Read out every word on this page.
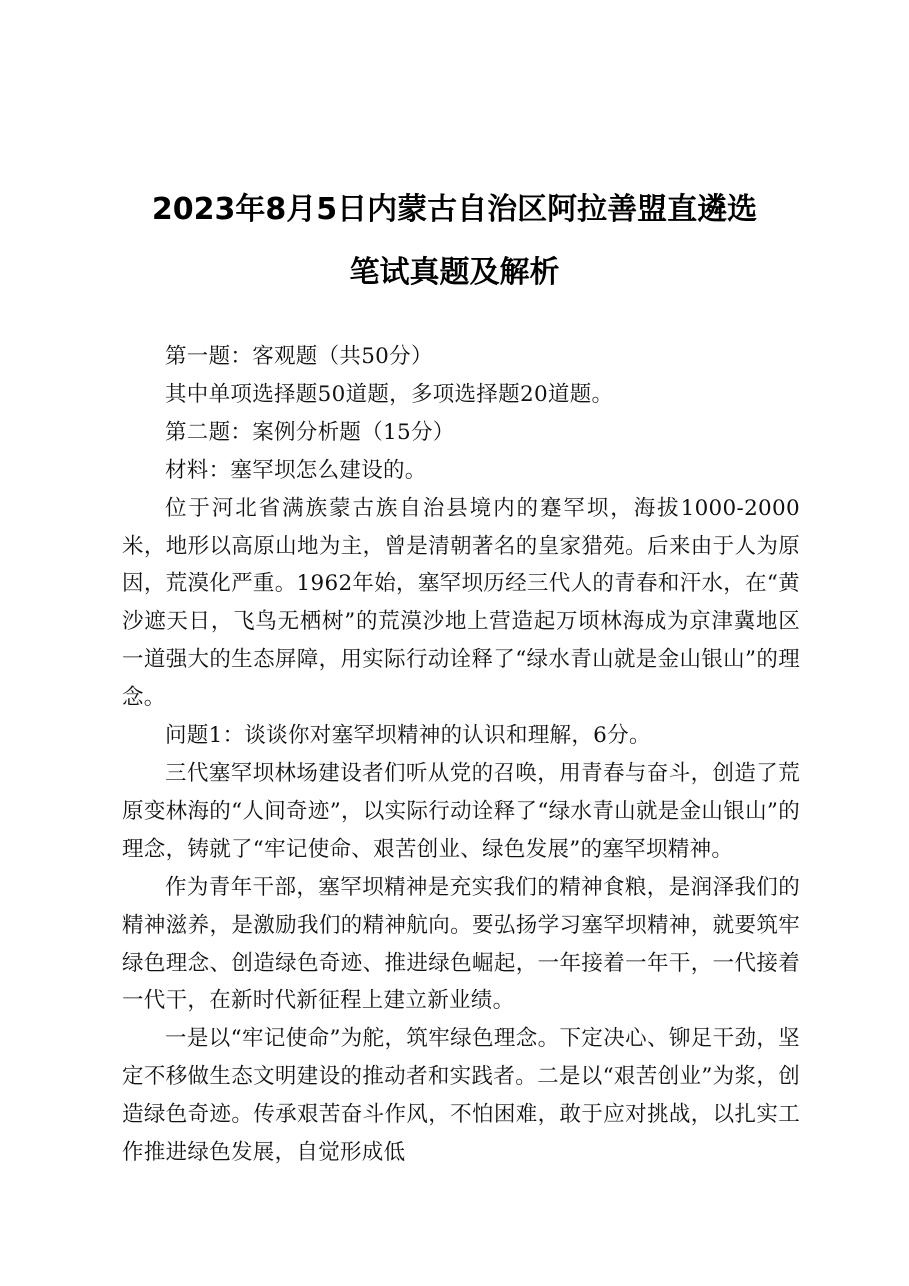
2023年8月5日内蒙古自治区阿拉善盟直遴选
笔试真题及解析

第一题：客观题（共50分）

其中单项选择题50道题，多项选择题20道题。

第二题：案例分析题（15分）

材料：塞罕坝怎么建设的。

位于河北省满族蒙古族自治县境内的蹇罕坝，海拔1000-2000米，地形以高原山地为主，曾是清朝著名的皇家猎苑。后来由于人为原因，荒漠化严重。1962年始，塞罕坝历经三代人的青春和汗水，在“黄沙遮天日，飞鸟无栖树”的荒漠沙地上营造起万顷林海成为京津冀地区一道强大的生态屏障，用实际行动诠释了“绿水青山就是金山银山”的理念。

问题1：谈谈你对塞罕坝精神的认识和理解，6分。

三代塞罕坝林场建设者们听从党的召唤，用青春与奋斗，创造了荒原变林海的“人间奇迹”，以实际行动诠释了“绿水青山就是金山银山”的理念，铸就了“牢记使命、艰苦创业、绿色发展”的塞罕坝精神。

作为青年干部，塞罕坝精神是充实我们的精神食粮，是润泽我们的精神滋养，是激励我们的精神航向。要弘扬学习塞罕坝精神，就要筑牢绿色理念、创造绿色奇迹、推进绿色崛起，一年接着一年干，一代接着一代干，在新时代新征程上建立新业绩。

一是以“牢记使命”为舵，筑牢绿色理念。下定决心、铆足干劲，坚定不移做生态文明建设的推动者和实践者。二是以“艰苦创业”为浆，创造绿色奇迹。传承艰苦奋斗作风，不怕困难，敢于应对挑战，以扎实工作推进绿色发展，自觉形成低
